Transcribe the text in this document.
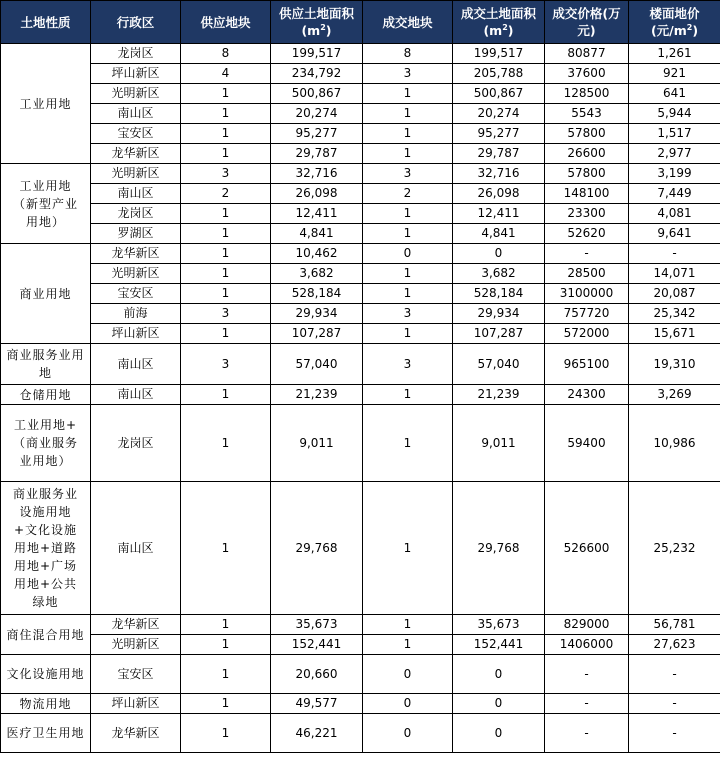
土地性质	行政区	供应地块	供应土地面积$(m^2)$	成交地块	成交土地面积$(m^2)$	成交价格(万元)	楼面地价(元$/m^2$)
工业用地	龙岗区	8	199,517	8	199,517	80877	1,261
	坪山新区	4	234,792	3	205,788	37600	921
	光明新区	1	500,867	1	500,867	128500	641
	南山区	1	20,274	1	20,274	5543	5,944
	宝安区	1	95,277	1	95,277	57800	1,517
	龙华新区	1	29,787	1	29,787	26600	2,977

工业用地（新型产业用地）	光明新区	3	32,716	3	32,716	57800	3,199
	南山区	2	26,098	2	26,098	148100	7,449
	龙岗区	1	12,411	1	12,411	23300	4,081
	罗湖区	1	4,841	1	4,841	52620	9,641
商业用地	龙华新区	1	10,462	0	0	-	-
	光明新区	1	3,682	1	3,682	28500	14,071
	宝安区	1	528,184	1	528,184	3100000	20,087
	前海	3	29,934	3	29,934	757720	25,342
	坪山新区	1	107,287	1	107,287	572000	15,671
商业服务业用地	南山区	3	57,040	3	57,040	965100	19,310
仓储用地	南山区	1	21,239	1	21,239	24300	3,269

工业用地+（商业服务业用地）	龙岗区	1	9,011	1	9,011	59400	10,986

商业服务业设施用地+文化设施用地+道路用地+广场用地+公共绿地	南山区	1	29,768	1	29,768	526600	25,232
商住混合用地	龙华新区	1	35,673	1	35,673	829000	56,781
	光明新区	1	152,441	1	152,441	1406000	27,623
文化设施用地	宝安区	1	20,660	0	0	-	-
物流用地	坪山新区	1	49,577	0	0	-	-
医疗卫生用地	龙华新区	1	46,221	0	0	-	-
